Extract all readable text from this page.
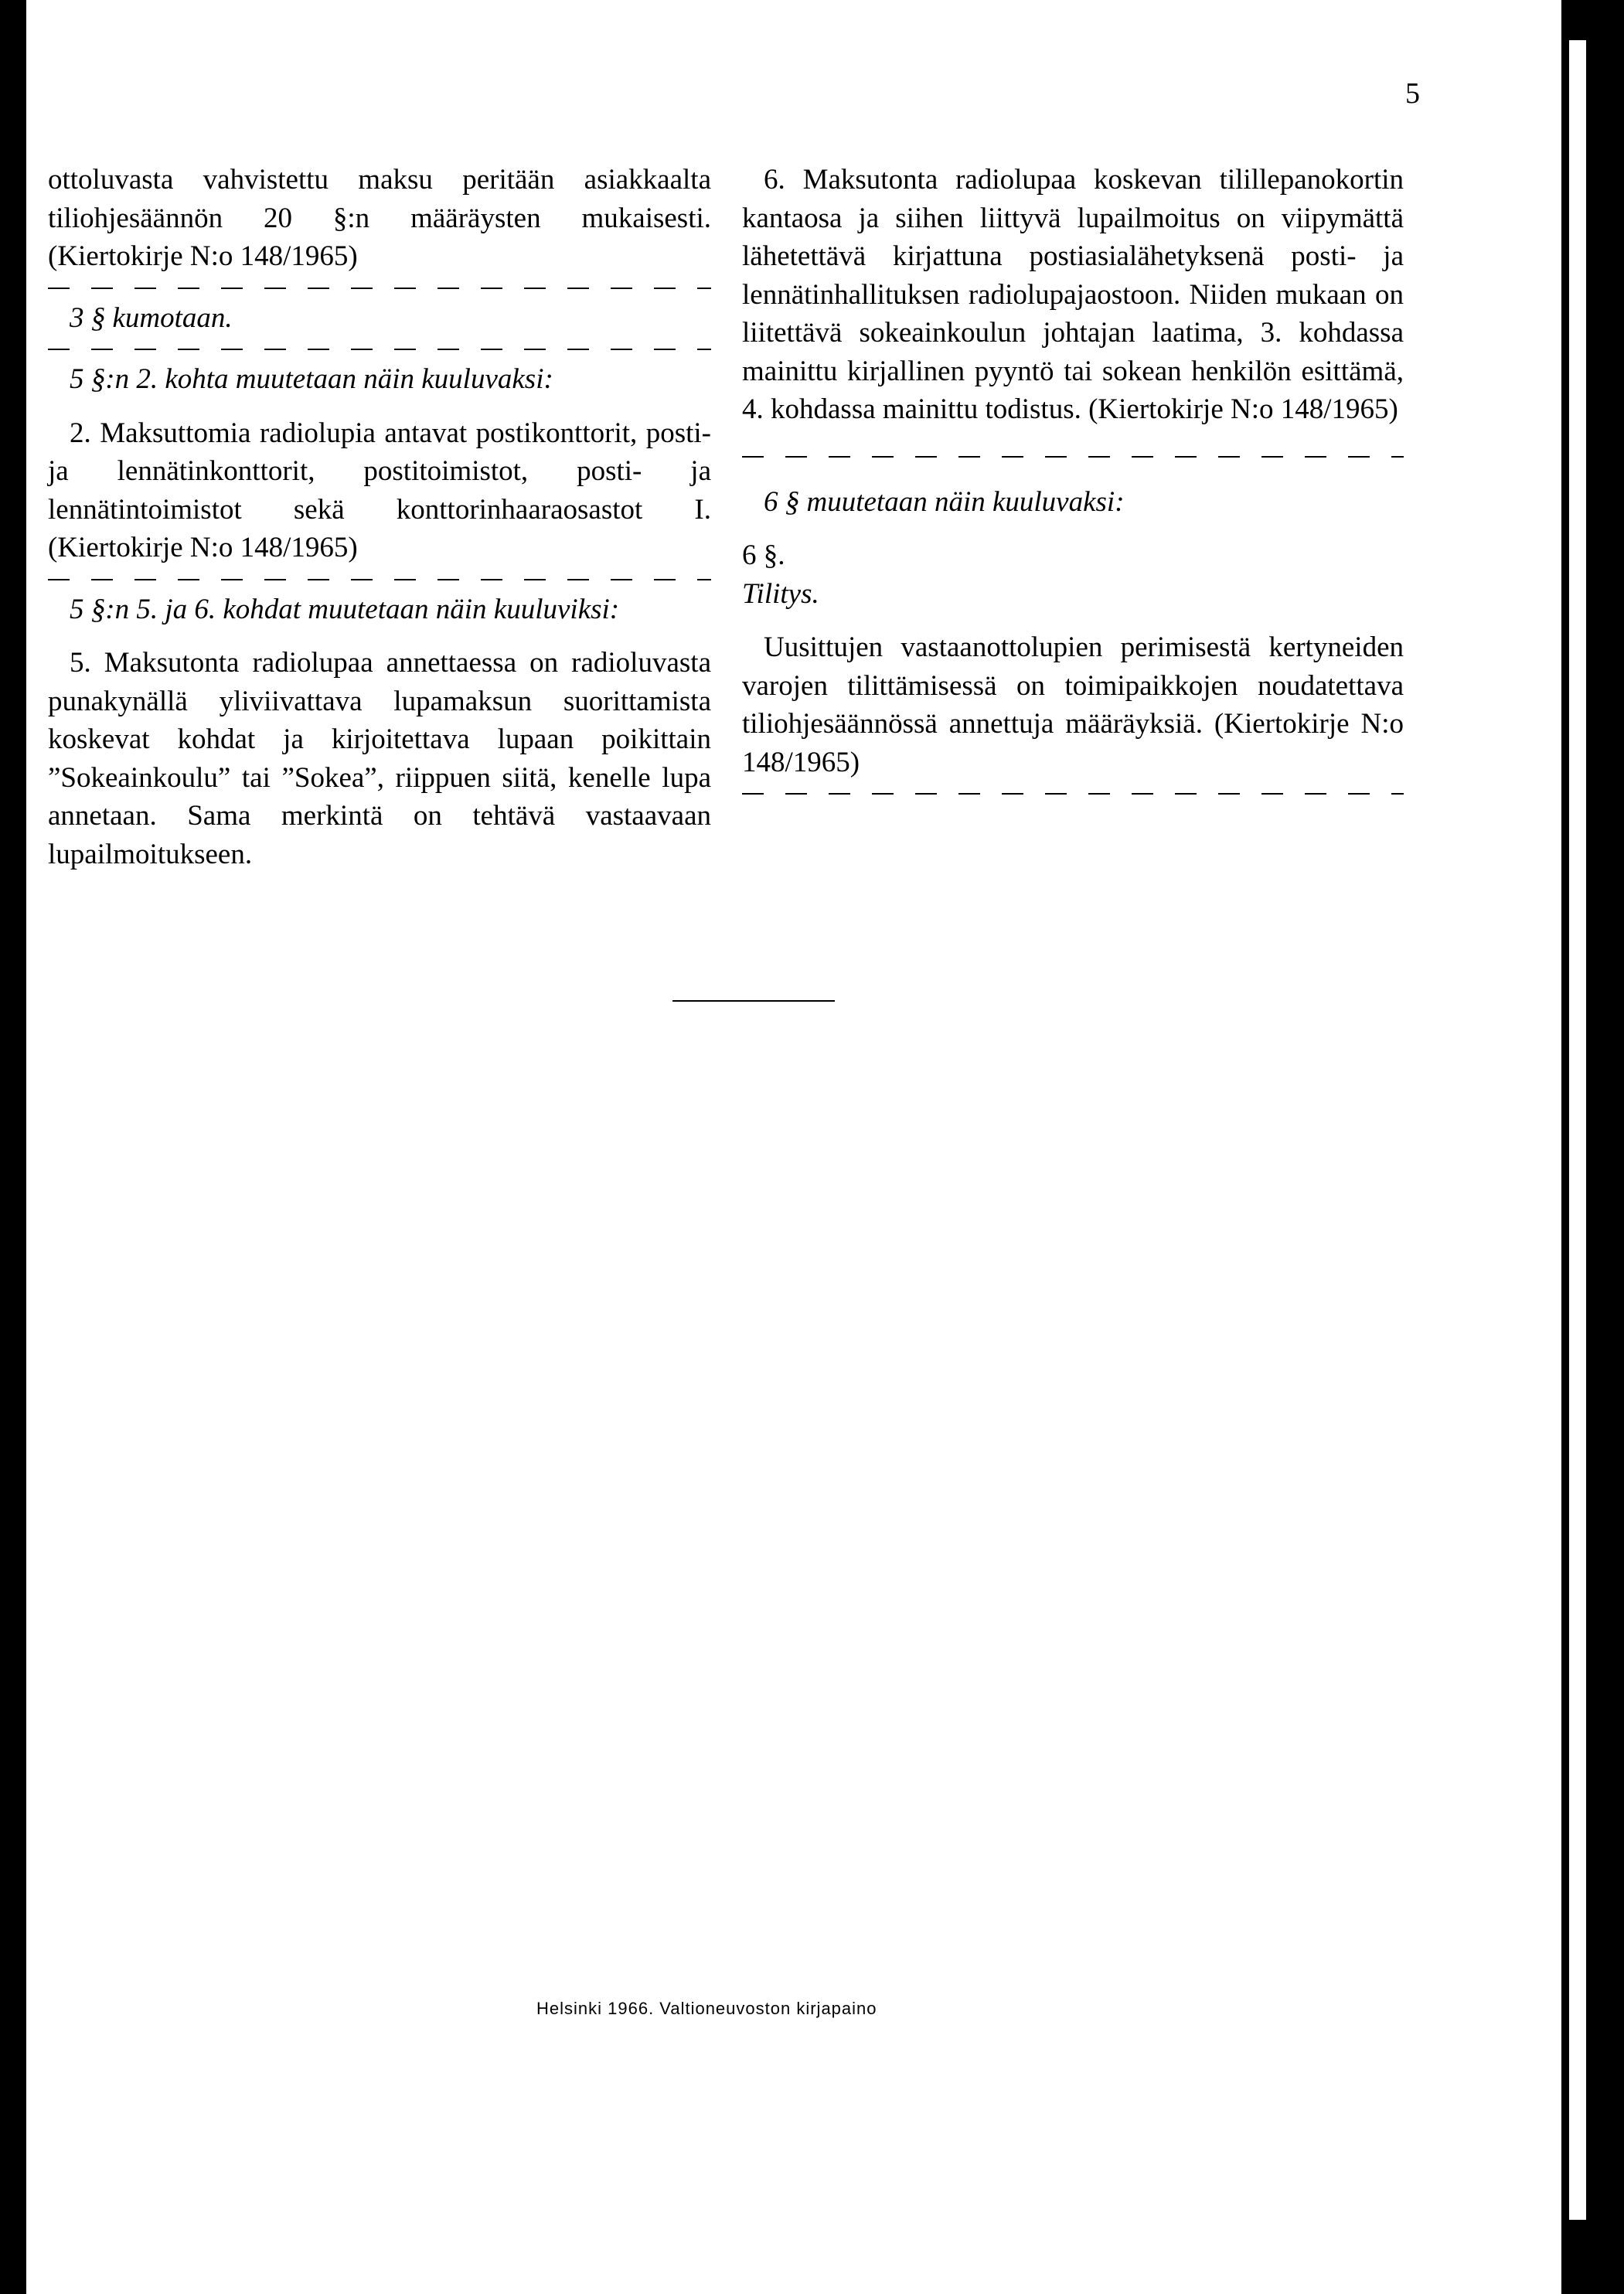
5

ottoluvasta vahvistettu maksu peritään asiakkaalta tiliohjesäännön 20 §:n määräysten mukaisesti. (Kiertokirje N:o 148/1965)

3 § kumotaan.

5 §:n 2. kohta muutetaan näin kuuluvaksi:

2. Maksuttomia radiolupia antavat postikonttorit, posti- ja lennätinkonttorit, postitoimistot, posti- ja lennätintoimistot sekä konttorinhaaraosastot I. (Kiertokirje N:o 148/1965)

5 §:n 5. ja 6. kohdat muutetaan näin kuuluviksi:

5. Maksutonta radiolupaa annettaessa on radioluvasta punakynällä yliviivattava lupamaksun suorittamista koskevat kohdat ja kirjoitettava lupaan poikittain ”Sokeainkoulu” tai ”Sokea”, riippuen siitä, kenelle lupa annetaan. Sama merkintä on tehtävä vastaavaan lupailmoitukseen.

6. Maksutonta radiolupaa koskevan tilillepanokortin kantaosa ja siihen liittyvä lupailmoitus on viipymättä lähetettävä kirjattuna postiasialähetyksenä posti- ja lennätinhallituksen radiolupajaostoon. Niiden mukaan on liitettävä sokeainkoulun johtajan laatima, 3. kohdassa mainittu kirjallinen pyyntö tai sokean henkilön esittämä, 4. kohdassa mainittu todistus. (Kiertokirje N:o 148/1965)

6 § muutetaan näin kuuluvaksi:

6 §.

Tilitys.

Uusittujen vastaanottolupien perimisestä kertyneiden varojen tilittämisessä on toimipaikkojen noudatettava tiliohjesäännössä annettuja määräyksiä. (Kiertokirje N:o 148/1965)

Helsinki 1966. Valtioneuvoston kirjapaino
